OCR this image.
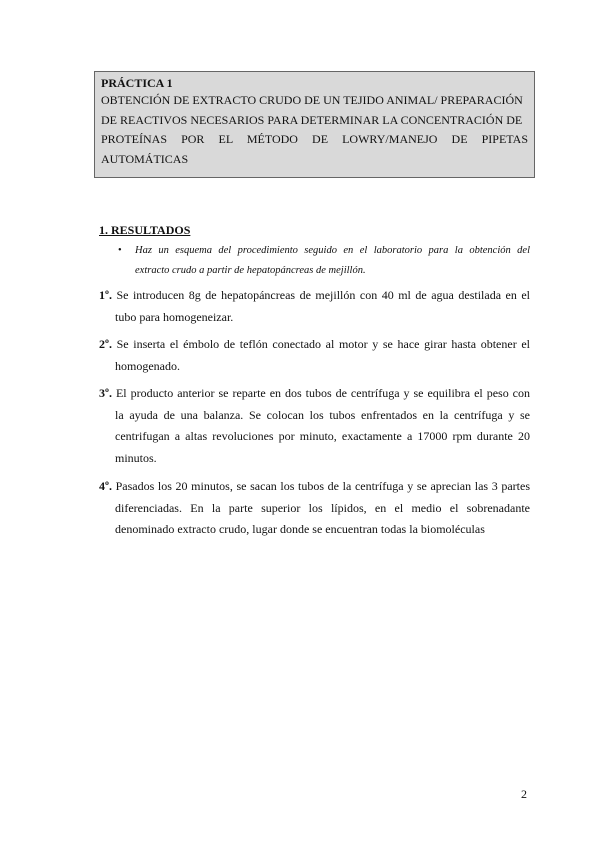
PRÁCTICA 1
OBTENCIÓN DE EXTRACTO CRUDO DE UN TEJIDO ANIMAL/ PREPARACIÓN
DE REACTIVOS NECESARIOS PARA DETERMINAR LA CONCENTRACIÓN DE
PROTEÍNAS POR EL MÉTODO DE LOWRY/MANEJO DE PIPETAS
AUTOMÁTICAS
1. RESULTADOS
• Haz un esquema del procedimiento seguido en el laboratorio para la obtención del
extracto crudo a partir de hepatopáncreas de mejillón.
1º. Se introducen 8g de hepatopáncreas de mejillón con 40 ml de agua destilada en el
tubo para homogeneizar.
2º. Se inserta el émbolo de teflón conectado al motor y se hace girar hasta obtener el
homogenado.
3º. El producto anterior se reparte en dos tubos de centrífuga y se equilibra el peso con
la ayuda de una balanza. Se colocan los tubos enfrentados en la centrífuga y se
centrifugan a altas revoluciones por minuto, exactamente a 17000 rpm durante 20
minutos.
4º. Pasados los 20 minutos, se sacan los tubos de la centrífuga y se aprecian las 3 partes
diferenciadas. En la parte superior los lípidos, en el medio el sobrenadante
denominado extracto crudo, lugar donde se encuentran todas la biomoléculas
2
